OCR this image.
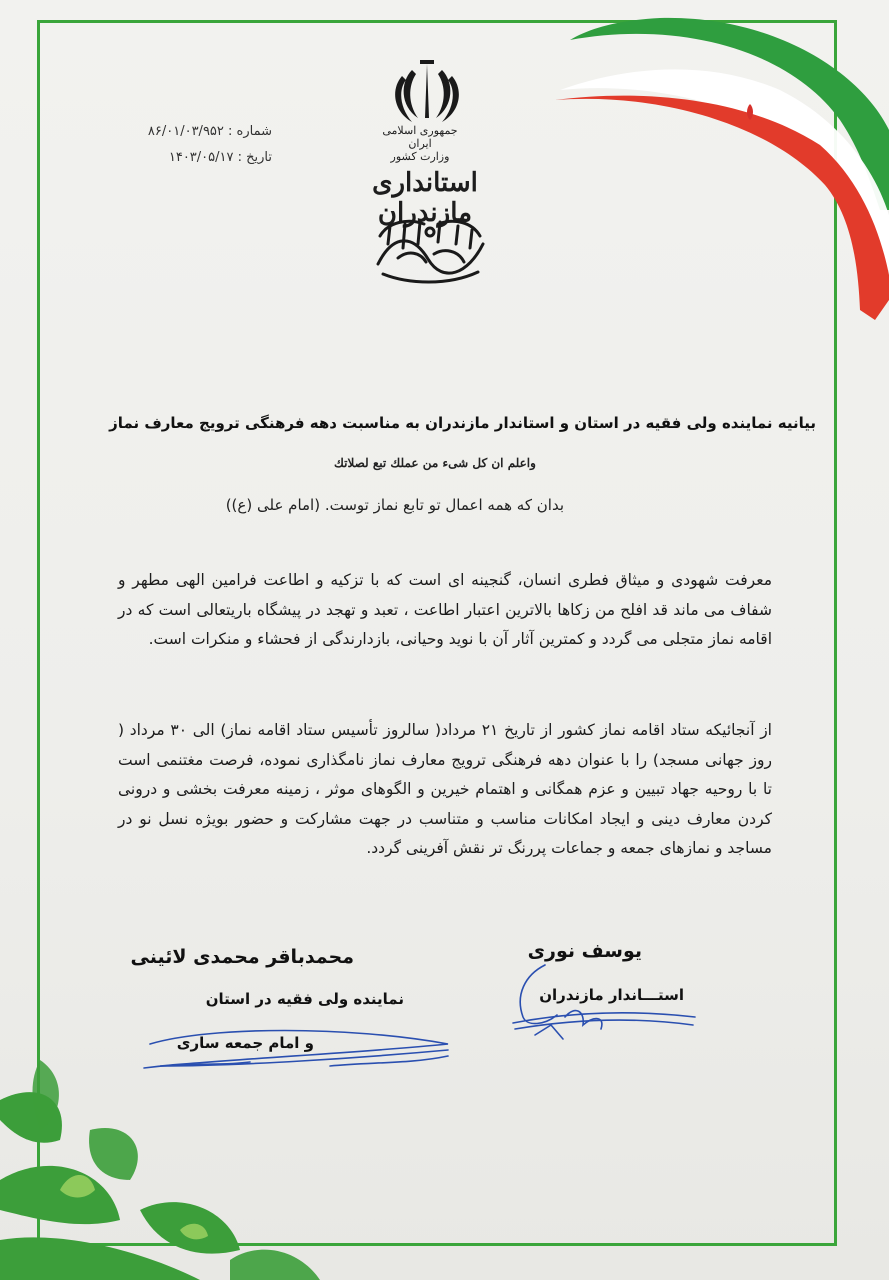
جمهوری اسلامی ایران
وزارت کشور
استانداری مازندران
شماره : ۸۶/۰۱/۰۳/۹۵۲
تاریخ : ۱۴۰۳/۰۵/۱۷
بیانیه نماینده ولی فقیه در استان و استاندار مازندران به مناسبت دهه فرهنگی ترویج معارف نماز
واعلم ان كل شیء من عملك تبع لصلاتك
بدان که همه اعمال تو تابع نماز توست. (امام علی (ع))
معرفت شهودی و میثاق فطری انسان، گنجینه ای است که با تزکیه و اطاعت فرامین الهی مطهر و شفاف می ماند قد افلح من زکاها بالاترین اعتبار اطاعت ، تعبد و تهجد در پیشگاه باریتعالی است که در اقامه نماز متجلی می گردد و کمترین آثار آن با نوید وحیانی، بازدارندگی از فحشاء و منکرات است.
از آنجائیکه ستاد اقامه نماز کشور از تاریخ ۲۱ مرداد( سالروز تأسیس ستاد اقامه نماز) الی ۳۰ مرداد ( روز جهانی مسجد) را با عنوان دهه فرهنگی ترویج معارف نماز نامگذاری نموده، فرصت مغتنمی است تا با روحیه جهاد تبیین و عزم همگانی و اهتمام خیرین و الگوهای موثر ، زمینه معرفت بخشی و درونی کردن معارف دینی و ایجاد امکانات مناسب و متناسب در جهت مشارکت و حضور بویژه نسل نو در مساجد و نمازهای جمعه و جماعات پررنگ تر نقش آفرینی گردد.
یوسف نوری
استـــاندار مازندران
محمدباقر محمدی لائینی
نماینده ولی فقیه در استان
و امام جمعه ساری
